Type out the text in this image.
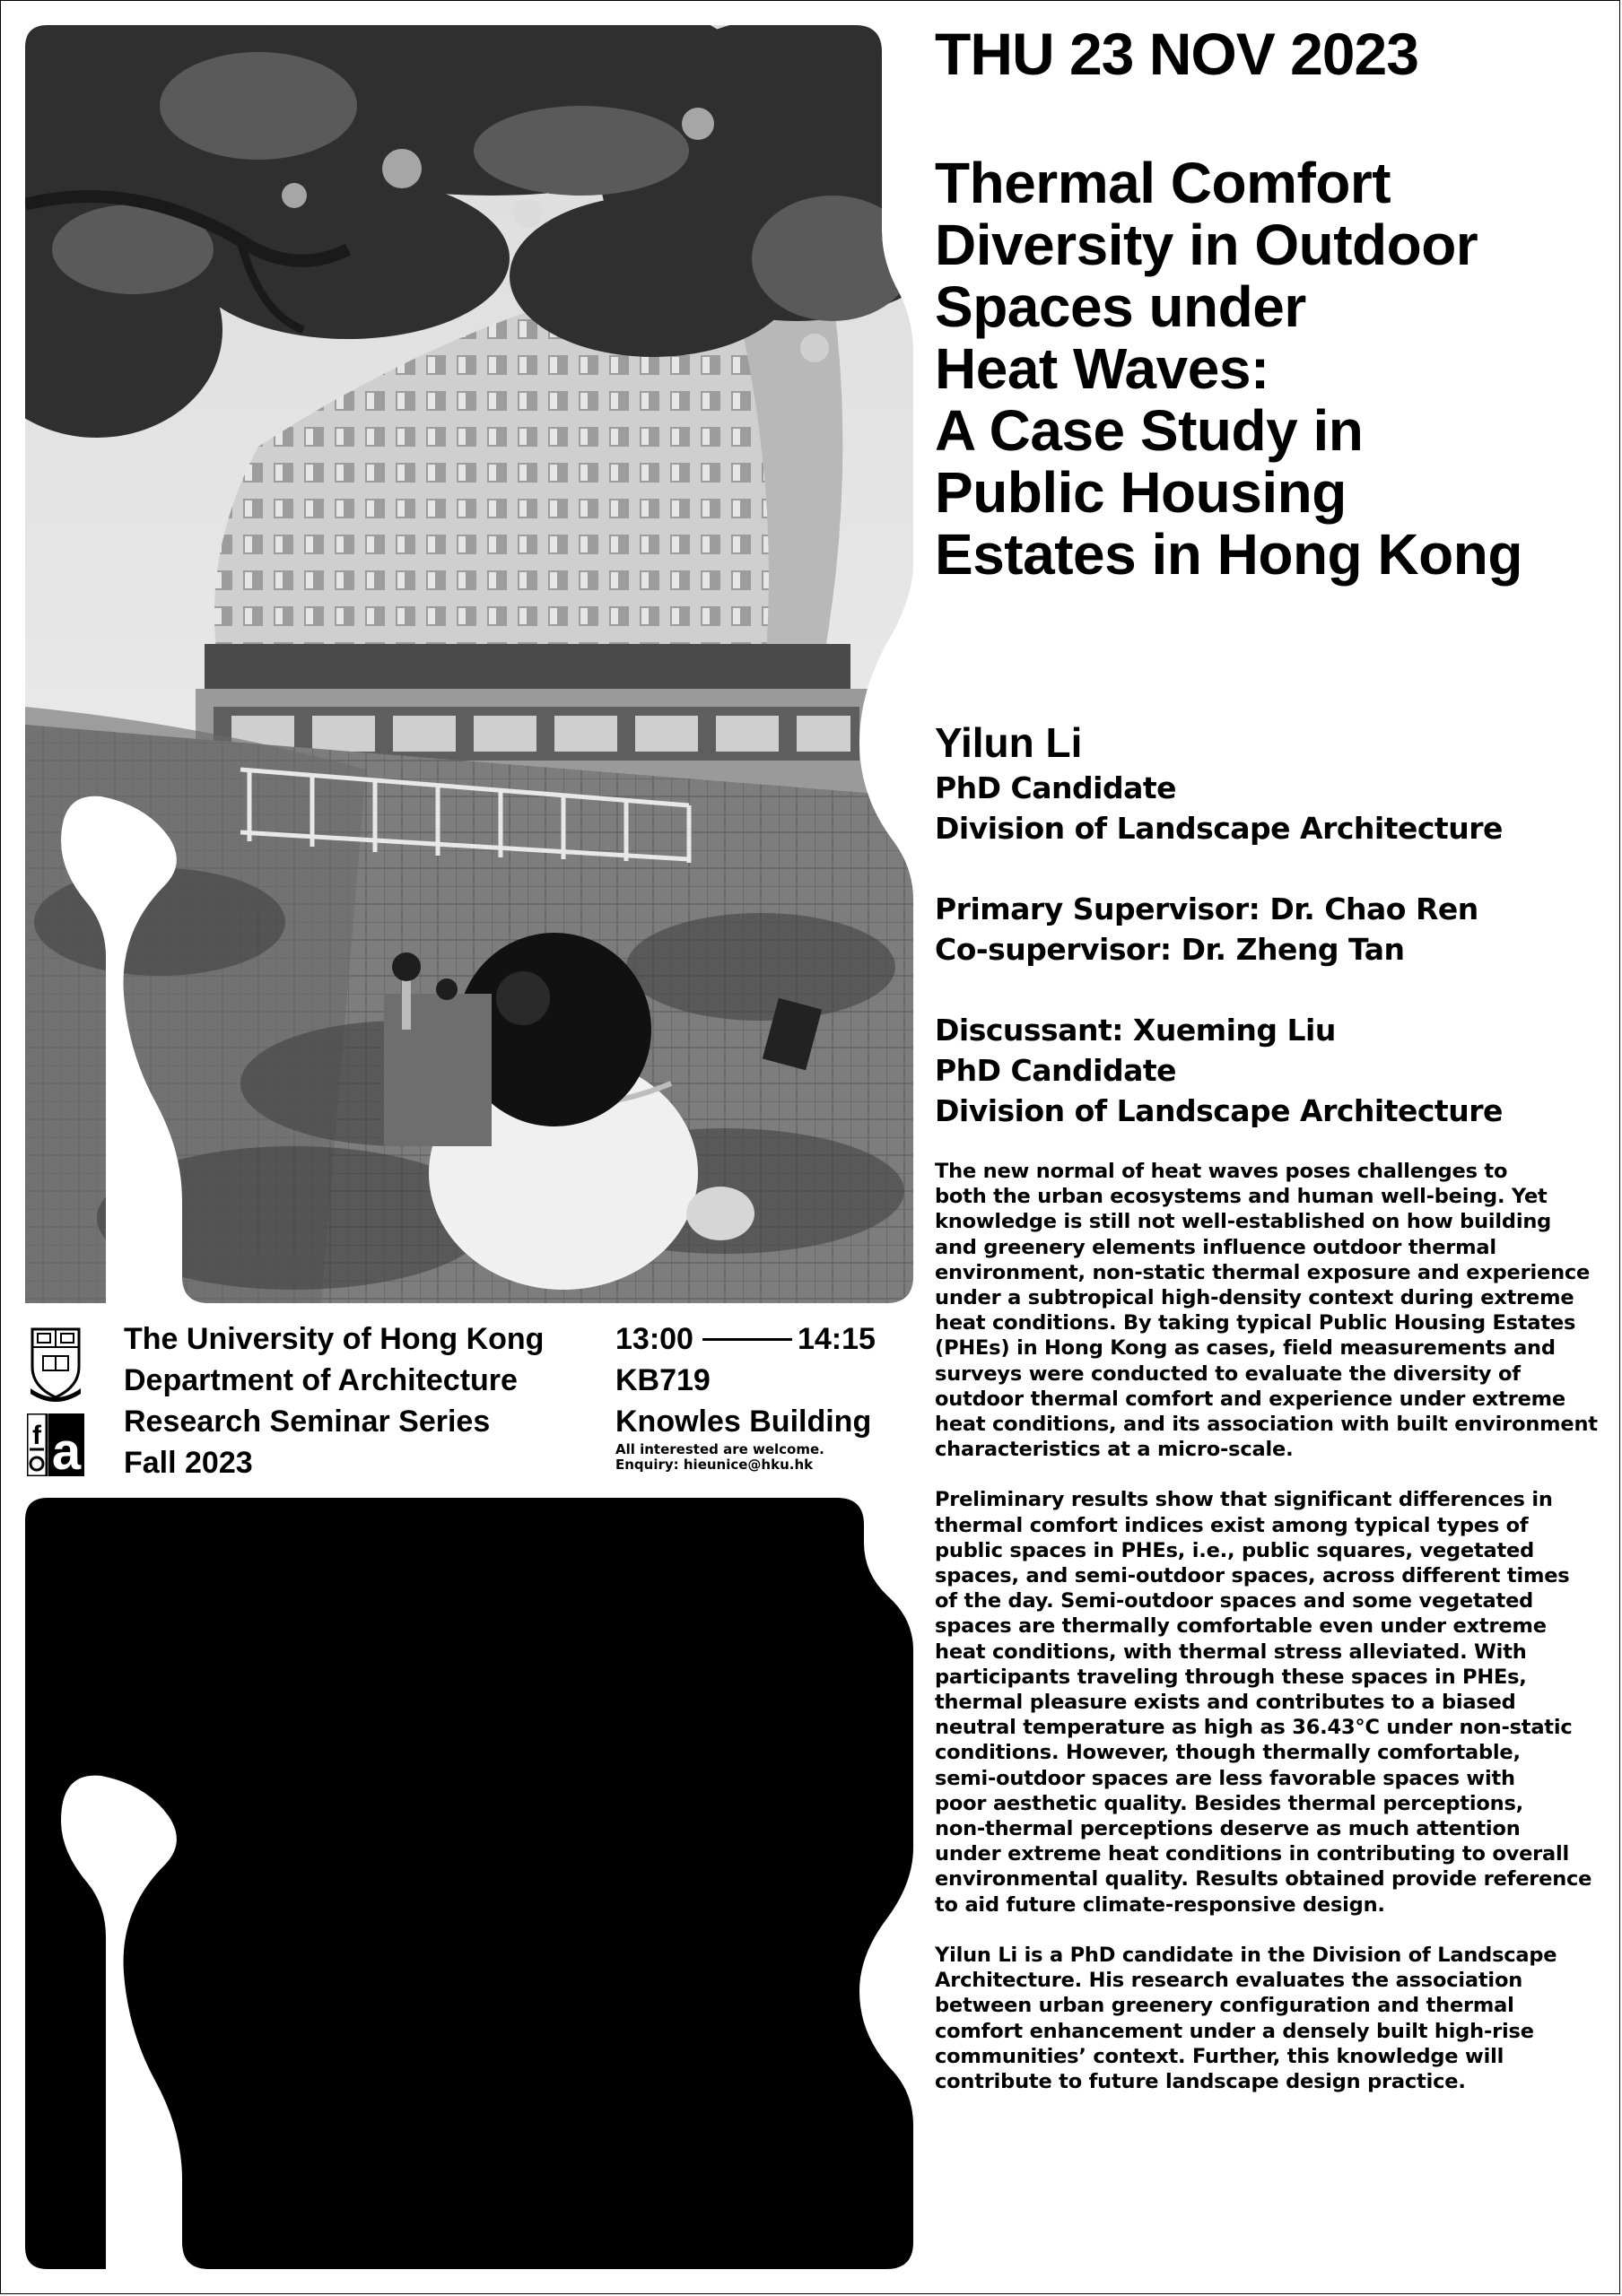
THU 23 NOV 2023
Thermal Comfort
Diversity in Outdoor
Spaces under
Heat Waves:
A Case Study in
Public Housing
Estates in Hong Kong

Yilun Li

PhD Candidate

Division of Landscape Architecture

Primary Supervisor: Dr. Chao Ren

Co-supervisor: Dr. Zheng Tan

Discussant: Xueming Liu

PhD Candidate

Division of Landscape Architecture

The new normal of heat waves poses challenges to
both the urban ecosystems and human well-being. Yet
knowledge is still not well-established on how building
and greenery elements influence outdoor thermal
environment, non-static thermal exposure and experience
under a subtropical high-density context during extreme
heat conditions. By taking typical Public Housing Estates
(PHEs) in Hong Kong as cases, field measurements and
surveys were conducted to evaluate the diversity of
outdoor thermal comfort and experience under extreme
heat conditions, and its association with built environment
characteristics at a micro-scale.

Preliminary results show that significant differences in
thermal comfort indices exist among typical types of
public spaces in PHEs, i.e., public squares, vegetated
spaces, and semi-outdoor spaces, across different times
of the day. Semi-outdoor spaces and some vegetated
spaces are thermally comfortable even under extreme
heat conditions, with thermal stress alleviated. With
participants traveling through these spaces in PHEs,
thermal pleasure exists and contributes to a biased
neutral temperature as high as 36.43°C under non-static
conditions. However, though thermally comfortable,
semi-outdoor spaces are less favorable spaces with
poor aesthetic quality. Besides thermal perceptions,
non-thermal perceptions deserve as much attention
under extreme heat conditions in contributing to overall
environmental quality. Results obtained provide reference
to aid future climate-responsive design.

Yilun Li is a PhD candidate in the Division of Landscape
Architecture. His research evaluates the association
between urban greenery configuration and thermal
comfort enhancement under a densely built high-rise
communities’ context. Further, this knowledge will
contribute to future landscape design practice.

f a

The University of Hong Kong

Department of Architecture

Research Seminar Series

Fall 2023

13:00	14:15

KB719

Knowles Building

All interested are welcome.

Enquiry: hieunice@hku.hk
